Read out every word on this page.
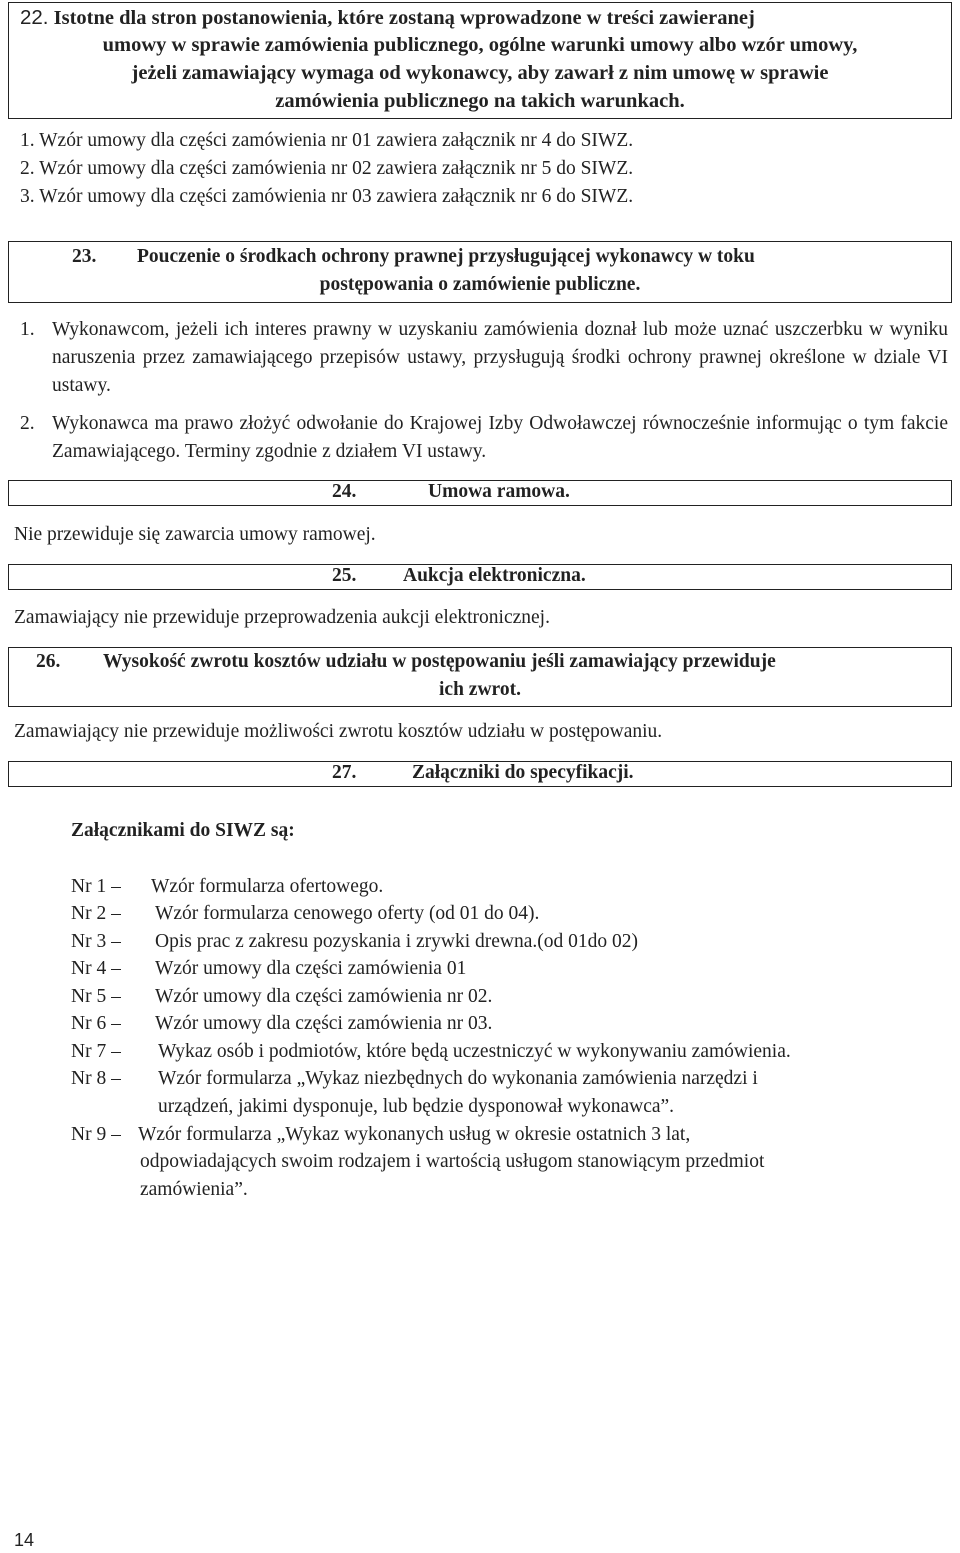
22. Istotne dla stron postanowienia, które zostaną wprowadzone w treści zawieranej
umowy w sprawie zamówienia publicznego, ogólne warunki umowy albo wzór umowy,
jeżeli zamawiający wymaga od wykonawcy, aby zawarł z nim umowę w sprawie
zamówienia publicznego na takich warunkach.
1. Wzór umowy dla części zamówienia nr 01 zawiera załącznik nr 4 do SIWZ.
2. Wzór umowy dla części zamówienia nr 02 zawiera załącznik nr 5 do SIWZ.
3. Wzór umowy dla części zamówienia nr 03 zawiera załącznik nr 6 do SIWZ.
23. Pouczenie o środkach ochrony prawnej przysługującej wykonawcy w toku
postępowania o zamówienie publiczne.
1. Wykonawcom, jeżeli ich interes prawny w uzyskaniu zamówienia doznał lub może uznać uszczerbku w wyniku naruszenia przez zamawiającego przepisów ustawy, przysługują środki ochrony prawnej określone w dziale VI ustawy.
2. Wykonawca ma prawo złożyć odwołanie do Krajowej Izby Odwoławczej równocześnie informując o tym fakcie Zamawiającego. Terminy zgodnie z działem VI ustawy.
24.	Umowa ramowa.
Nie przewiduje się zawarcia umowy ramowej.
25. Aukcja elektroniczna.
Zamawiający nie przewiduje przeprowadzenia aukcji elektronicznej.
26. Wysokość zwrotu kosztów udziału w postępowaniu jeśli zamawiający przewiduje
ich zwrot.
Zamawiający nie przewiduje możliwości zwrotu kosztów udziału w postępowaniu.
27.	Załączniki do specyfikacji.
Załącznikami do SIWZ są:
Nr 1 – Wzór formularza ofertowego.
Nr 2 – Wzór formularza cenowego oferty (od 01 do 04).
Nr 3 – Opis prac z zakresu pozyskania i zrywki drewna.(od 01do 02)
Nr 4 – Wzór umowy dla części zamówienia 01
Nr 5 – Wzór umowy dla części zamówienia nr 02.
Nr 6 – Wzór umowy dla części zamówienia nr 03.
Nr 7 – Wykaz osób i podmiotów, które będą uczestniczyć w wykonywaniu zamówienia.
Nr 8 – Wzór formularza „Wykaz niezbędnych do wykonania zamówienia narzędzi i
urządzeń, jakimi dysponuje, lub będzie dysponował wykonawca”.
Nr 9 – Wzór formularza „Wykaz wykonanych usług w okresie ostatnich 3 lat,
odpowiadających swoim rodzajem i wartością usługom stanowiącym przedmiot
zamówienia”.
14
